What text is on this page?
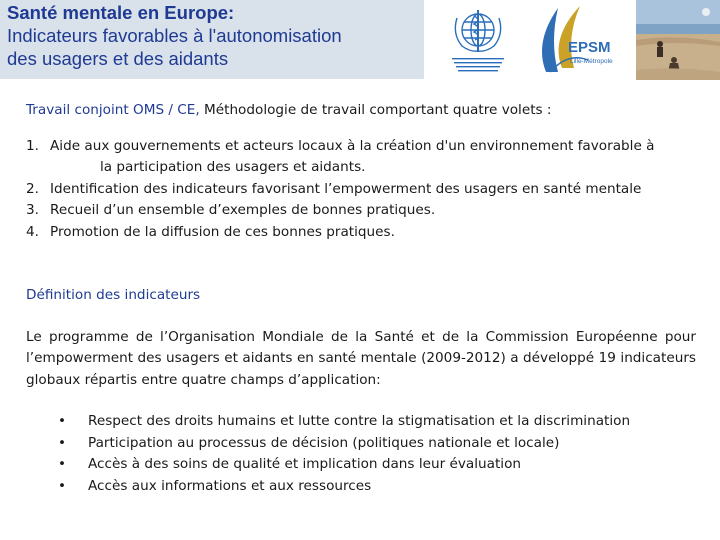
Santé mentale en Europe:
Indicateurs favorables à l'autonomisation
des usagers et des aidants
EPSM
Lille-Métropole

Travail conjoint OMS / CE, Méthodologie de travail comportant quatre volets :

1. Aide aux gouvernements et acteurs locaux à la création d'un environnement favorable à
la participation des usagers et aidants.
2. Identification des indicateurs favorisant l’empowerment des usagers en santé mentale
3. Recueil d’un ensemble d’exemples de bonnes pratiques.
4. Promotion de la diffusion de ces bonnes pratiques.

Définition des indicateurs

Le programme de l’Organisation Mondiale de la Santé et de la Commission Européenne pour l’empowerment des usagers et aidants en santé mentale (2009-2012) a développé 19 indicateurs globaux répartis entre quatre champs d’application:

• Respect des droits humains et lutte contre la stigmatisation et la discrimination
• Participation au processus de décision (politiques nationale et locale)
• Accès à des soins de qualité et implication dans leur évaluation
• Accès aux informations et aux ressources
